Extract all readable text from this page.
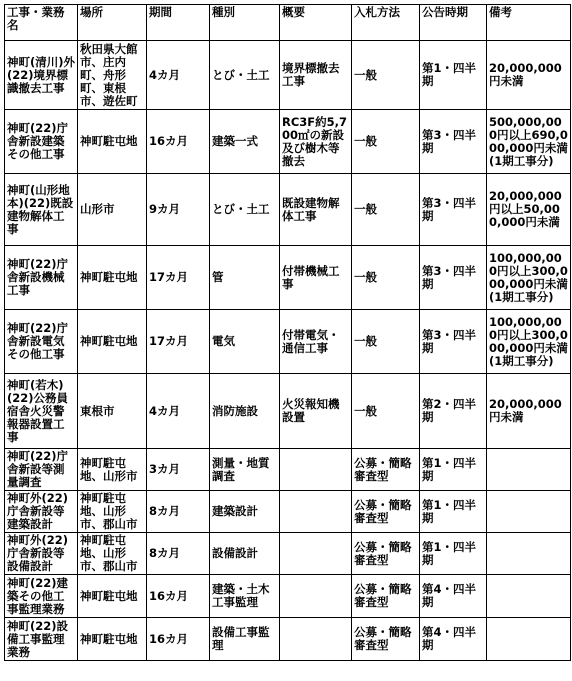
工事・業務名	場所	期間	種別	概要	入札方法	公告時期	備考
神町(清川)外(22)境界標識撤去工事	秋田県大館市、庄内町、舟形町、東根市、遊佐町	4カ月	とび・土工	境界標撤去工事	一般	第1・四半期	20,000,000円未満
神町(22)庁舎新設建築その他工事	神町駐屯地	16カ月	建築一式	RC3F約5,700㎡の新設及び樹木等撤去	一般	第3・四半期	500,000,000円以上690,000,000円未満(1期工事分)
神町(山形地本)(22)既設建物解体工事	山形市	9カ月	とび・土工	既設建物解体工事	一般	第3・四半期	20,000,000円以上50,000,000円未満
神町(22)庁舎新設機械工事	神町駐屯地	17カ月	管	付帯機械工事	一般	第3・四半期	100,000,000円以上300,000,000円未満(1期工事分)
神町(22)庁舎新設電気その他工事	神町駐屯地	17カ月	電気	付帯電気・通信工事	一般	第3・四半期	100,000,000円以上300,000,000円未満(1期工事分)
神町(若木)(22)公務員宿舎火災警報器設置工事	東根市	4カ月	消防施設	火災報知機設置	一般	第2・四半期	20,000,000円未満
神町(22)庁舎新設等測量調査	神町駐屯地、山形市	3カ月	測量・地質調査		公募・簡略審査型	第1・四半期	
神町外(22)庁舎新設等建築設計	神町駐屯地、山形市、郡山市	8カ月	建築設計		公募・簡略審査型	第1・四半期	
神町外(22)庁舎新設等設備設計	神町駐屯地、山形市、郡山市	8カ月	設備設計		公募・簡略審査型	第1・四半期	
神町(22)建築その他工事監理業務	神町駐屯地	16カ月	建築・土木工事監理		公募・簡略審査型	第4・四半期	
神町(22)設備工事監理業務	神町駐屯地	16カ月	設備工事監理		公募・簡略審査型	第4・四半期	
